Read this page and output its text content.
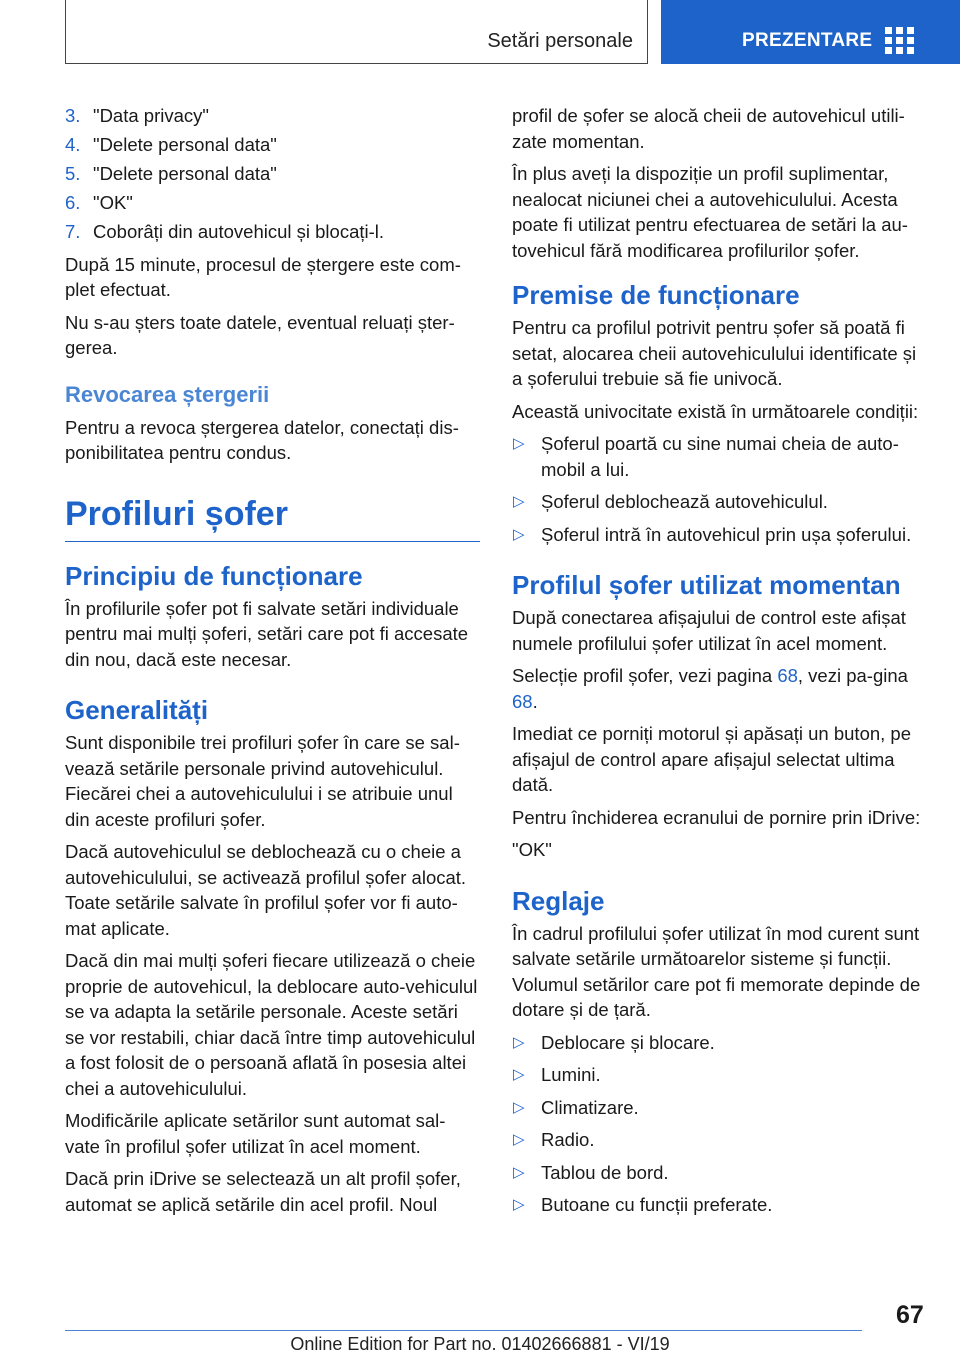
Setări personale	PREZENTARE
3. "Data privacy"
4. "Delete personal data"
5. "Delete personal data"
6. "OK"
7. Coborâți din autovehicul și blocați-l.

După 15 minute, procesul de ștergere este com-plet efectuat.

Nu s-au șters toate datele, eventual reluați șter-gerea.

Revocarea ștergerii

Pentru a revoca ștergerea datelor, conectați dis-ponibilitatea pentru condus.

Profiluri șofer
Principiu de funcționare

În profilurile șofer pot fi salvate setări individuale pentru mai mulți șoferi, setări care pot fi accesate din nou, dacă este necesar.

Generalități

Sunt disponibile trei profiluri șofer în care se sal-vează setările personale privind autovehiculul. Fiecărei chei a autovehiculului i se atribuie unul din aceste profiluri șofer.

Dacă autovehiculul se deblochează cu o cheie a autovehiculului, se activează profilul șofer alocat. Toate setările salvate în profilul șofer vor fi auto-mat aplicate.

Dacă din mai mulți șoferi fiecare utilizează o cheie proprie de autovehicul, la deblocare auto-vehiculul se va adapta la setările personale. Aceste setări se vor restabili, chiar dacă între timp autovehiculul a fost folosit de o persoană aflată în posesia altei chei a autovehiculului.

Modificările aplicate setărilor sunt automat sal-vate în profilul șofer utilizat în acel moment.

Dacă prin iDrive se selectează un alt profil șofer, automat se aplică setările din acel profil. Noul

profil de șofer se alocă cheii de autovehicul utili-zate momentan.

În plus aveți la dispoziție un profil suplimentar, nealocat niciunei chei a autovehiculului. Acesta poate fi utilizat pentru efectuarea de setări la au-tovehicul fără modificarea profilurilor șofer.

Premise de funcționare

Pentru ca profilul potrivit pentru șofer să poată fi setat, alocarea cheii autovehiculului identificate și a șoferului trebuie să fie univocă.

Această univocitate există în următoarele condiții:

▷ Șoferul poartă cu sine numai cheia de auto-mobil a lui.
▷ Șoferul deblochează autovehiculul.
▷ Șoferul intră în autovehicul prin ușa șoferului.
Profilul șofer utilizat momentan

După conectarea afișajului de control este afișat numele profilului șofer utilizat în acel moment.

Selecție profil șofer, vezi pagina 68, vezi pa-gina 68.

Imediat ce porniți motorul și apăsați un buton, pe afișajul de control apare afișajul selectat ultima dată.

Pentru închiderea ecranului de pornire prin iDrive:

"OK"

Reglaje

În cadrul profilului șofer utilizat în mod curent sunt salvate setările următoarelor sisteme și funcții. Volumul setărilor care pot fi memorate depinde de dotare și de țară.

▷ Deblocare și blocare.
▷ Lumini.
▷ Climatizare.
▷ Radio.
▷ Tablou de bord.
▷ Butoane cu funcții preferate.
67
Online Edition for Part no. 01402666881 - VI/19
